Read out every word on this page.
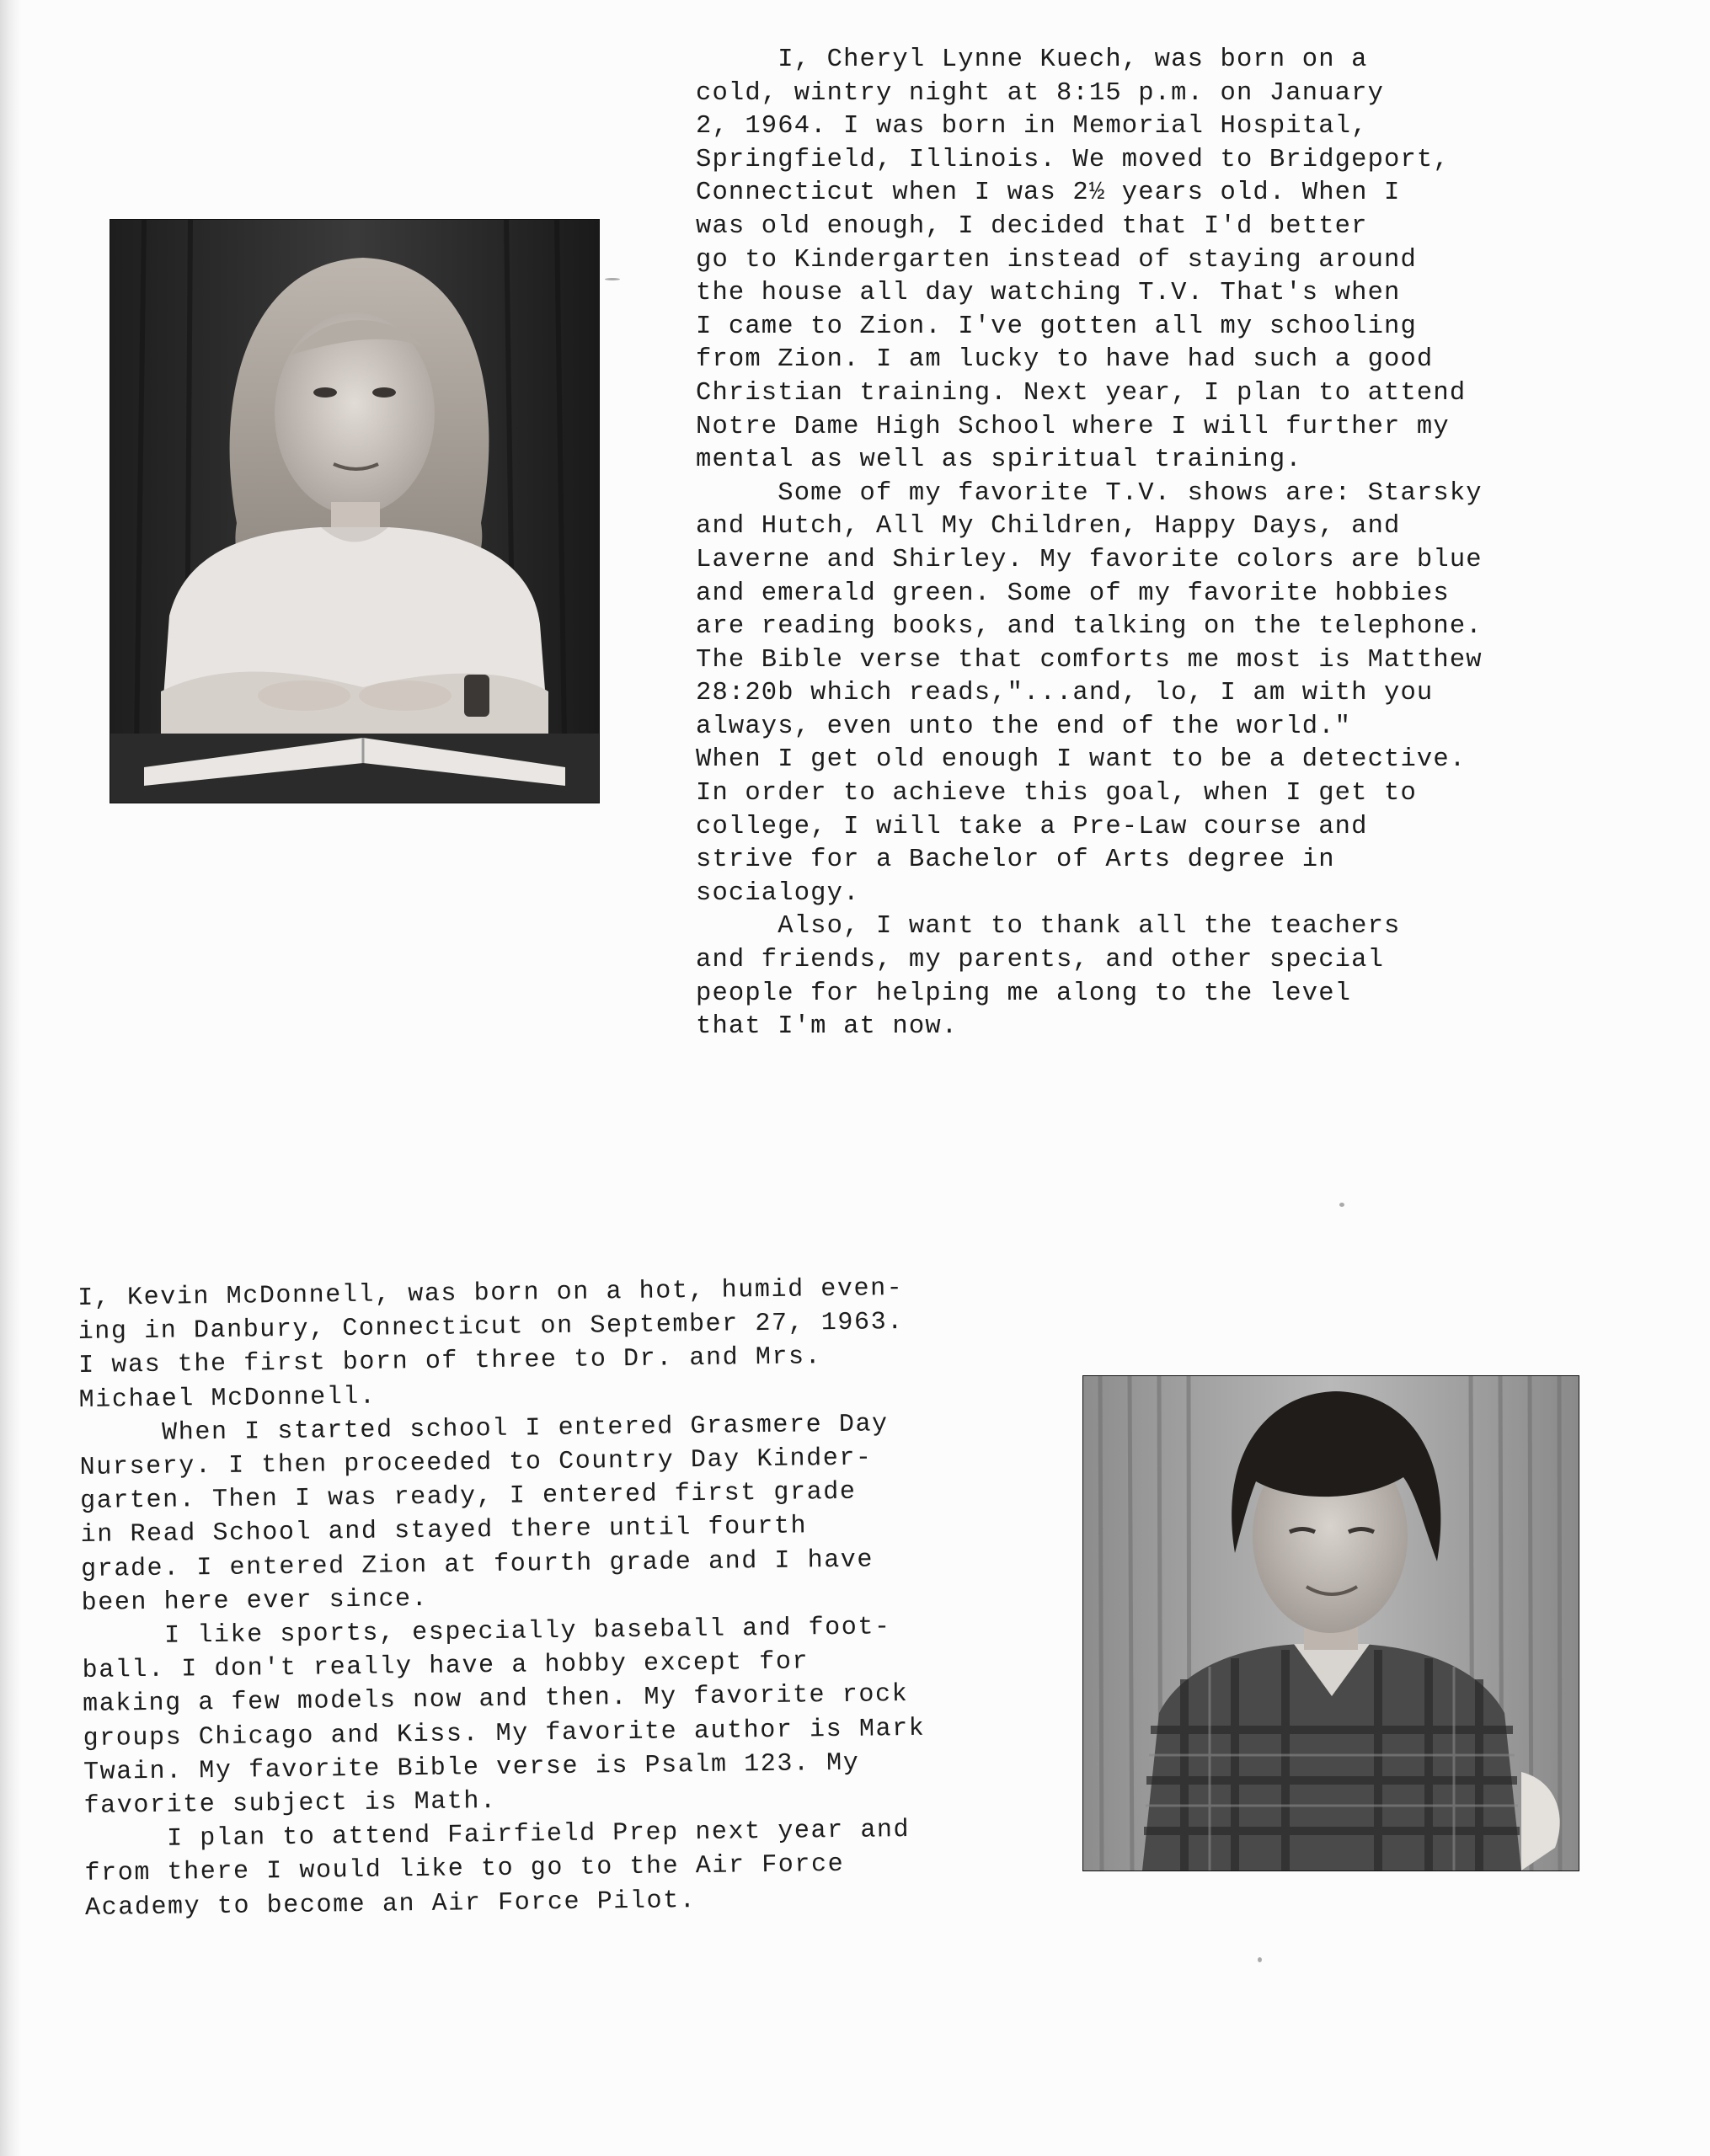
I, Cheryl Lynne Kuech, was born on a

cold, wintry night at 8:15 p.m. on January

2, 1964. I was born in Memorial Hospital,

Springfield, Illinois. We moved to Bridgeport,

Connecticut when I was 2½ years old. When I

was old enough, I decided that I'd better

go to Kindergarten instead of staying around

the house all day watching T.V. That's when

I came to Zion. I've gotten all my schooling

from Zion. I am lucky to have had such a good

Christian training. Next year, I plan to attend

Notre Dame High School where I will further my

mental as well as spiritual training.

Some of my favorite T.V. shows are: Starsky

and Hutch, All My Children, Happy Days, and

Laverne and Shirley. My favorite colors are blue

and emerald green. Some of my favorite hobbies

are reading books, and talking on the telephone.

The Bible verse that comforts me most is Matthew

28:20b which reads,"...and, lo, I am with you

always, even unto the end of the world."

When I get old enough I want to be a detective.

In order to achieve this goal, when I get to

college, I will take a Pre-Law course and

strive for a Bachelor of Arts degree in

socialogy.

Also, I want to thank all the teachers

and friends, my parents, and other special

people for helping me along to the level

that I'm at now.

I, Kevin McDonnell, was born on a hot, humid even-

ing in Danbury, Connecticut on September 27, 1963.

I was the first born of three to Dr. and Mrs.

Michael McDonnell.

When I started school I entered Grasmere Day

Nursery. I then proceeded to Country Day Kinder-

garten. Then I was ready, I entered first grade

in Read School and stayed there until fourth

grade. I entered Zion at fourth grade and I have

been here ever since.

I like sports, especially baseball and foot-

ball. I don't really have a hobby except for

making a few models now and then. My favorite rock

groups Chicago and Kiss. My favorite author is Mark

Twain. My favorite Bible verse is Psalm 123. My

favorite subject is Math.

I plan to attend Fairfield Prep next year and

from there I would like to go to the Air Force

Academy to become an Air Force Pilot.
